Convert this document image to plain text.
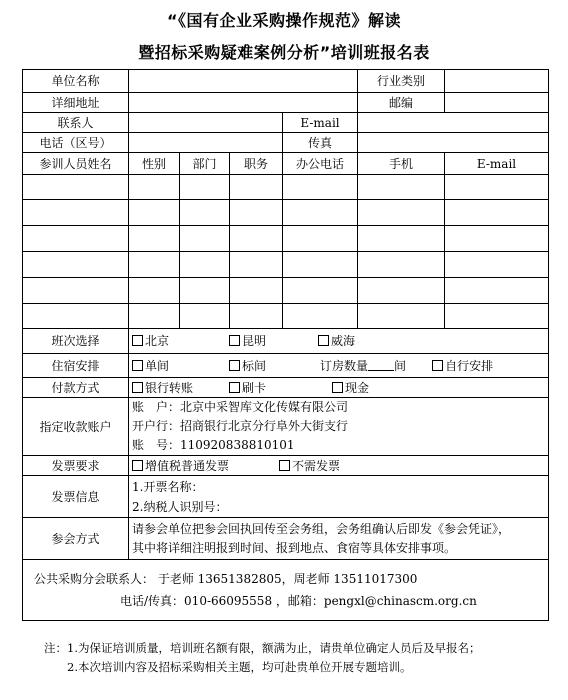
“《国有企业采购操作规范》解读
暨招标采购疑难案例分析”培训班报名表
单位名称					行业类别	
详细地址					邮编	
联系人				E-mail		
电话（区号）				传真		
参训人员姓名	性别	部门	职务	办公电话	手机	E-mail

班次选择	北京 昆明 威海					
住宿安排	单间 标间 订房数量 间 自行安排					
付款方式	银行转账 刷卡 现金					
指定收款账户	账　户：北京中采智库文化传媒有限公司
开户行：招商银行北京分行阜外大街支行
账　号：110920838810101					

发票要求	增值税普通发票 不需发票					
发票信息	1.开票名称：
2.纳税人识别号：					

参会方式	请参会单位把参会回执回传至会务组，会务组确认后即发《参会凭证》，
其中将详细注明报到时间、报到地点、食宿等具体安排事项。					

公共采购分会联系人： 于老师 13651382805，周老师 13511017300
电话/传真：010-66095558 ，邮箱：pengxl@chinascm.org.cn						
注：1.为保证培训质量，培训班名额有限，额满为止，请贵单位确定人员后及早报名；
　　2.本次培训内容及招标采购相关主题，均可赴贵单位开展专题培训。
